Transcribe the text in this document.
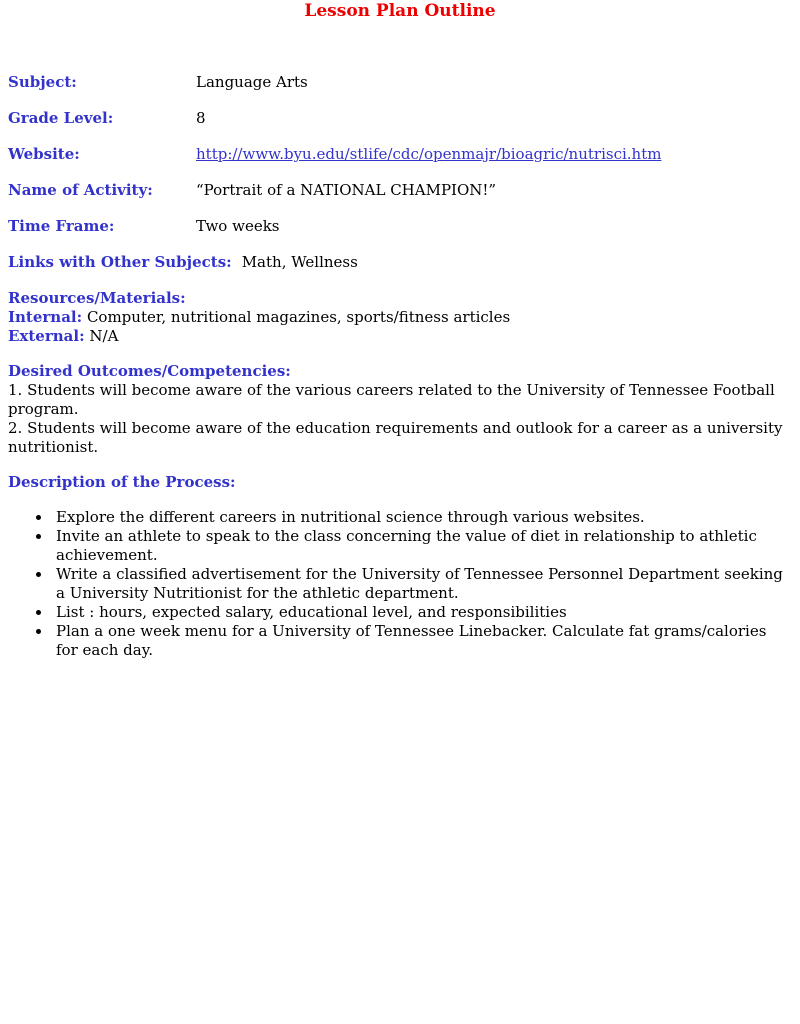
Lesson Plan Outline

Subject:	Language Arts
Grade Level:	8
Website:	http://www.byu.edu/stlife/cdc/openmajr/bioagric/nutrisci.htm
Name of Activity:	“Portrait of a NATIONAL CHAMPION!”
Time Frame:	Two weeks
Links with Other Subjects: Math, Wellness
Resources/Materials:
Internal: Computer, nutritional magazines, sports/fitness articles
External: N/A
Desired Outcomes/Competencies:
1. Students will become aware of the various careers related to the University of Tennessee Football program.
2. Students will become aware of the education requirements and outlook for a career as a university nutritionist.
Description of the Process:
• Explore the different careers in nutritional science through various websites.
• Invite an athlete to speak to the class concerning the value of diet in relationship to athletic achievement.
• Write a classified advertisement for the University of Tennessee Personnel Department seeking a University Nutritionist for the athletic department.
• List : hours, expected salary, educational level, and responsibilities
• Plan a one week menu for a University of Tennessee Linebacker. Calculate fat grams/calories for each day.
